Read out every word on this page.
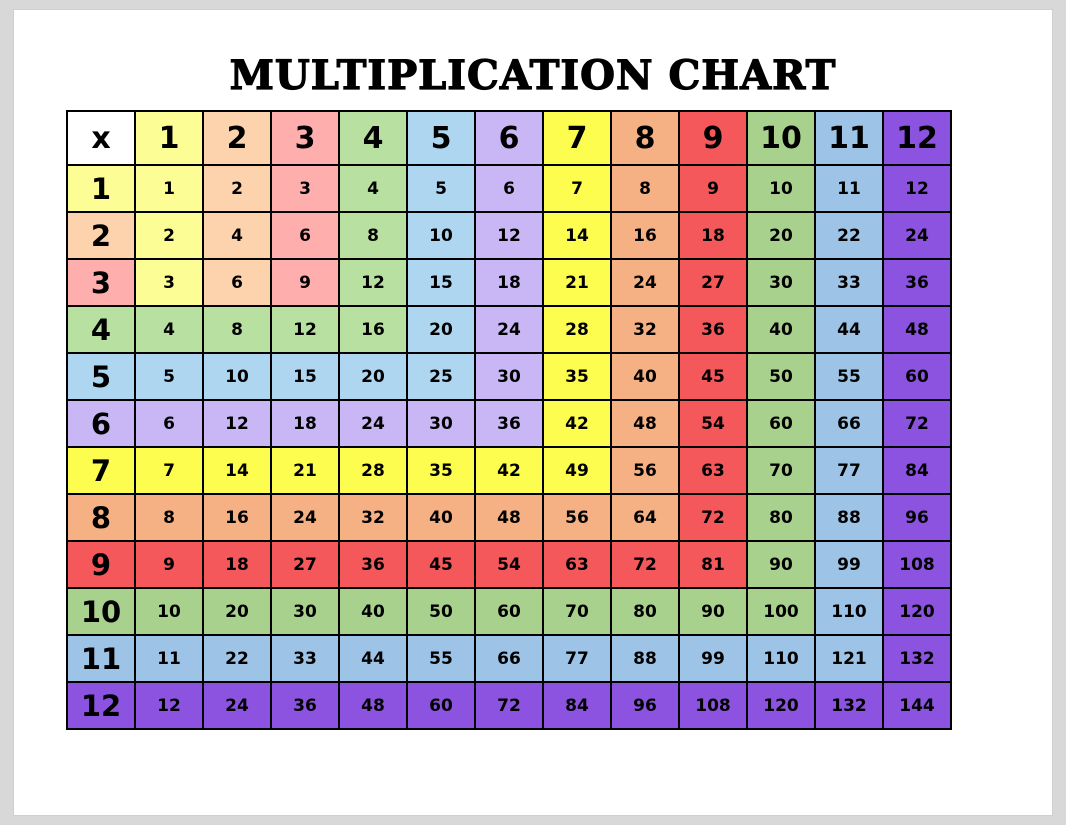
MULTIPLICATION CHART
x	1	2	3	4	5	6	7	8	9	10	11	12
1	1	2	3	4	5	6	7	8	9	10	11	12
2	2	4	6	8	10	12	14	16	18	20	22	24
3	3	6	9	12	15	18	21	24	27	30	33	36
4	4	8	12	16	20	24	28	32	36	40	44	48
5	5	10	15	20	25	30	35	40	45	50	55	60
6	6	12	18	24	30	36	42	48	54	60	66	72
7	7	14	21	28	35	42	49	56	63	70	77	84
8	8	16	24	32	40	48	56	64	72	80	88	96
9	9	18	27	36	45	54	63	72	81	90	99	108
10	10	20	30	40	50	60	70	80	90	100	110	120
11	11	22	33	44	55	66	77	88	99	110	121	132
12	12	24	36	48	60	72	84	96	108	120	132	144
